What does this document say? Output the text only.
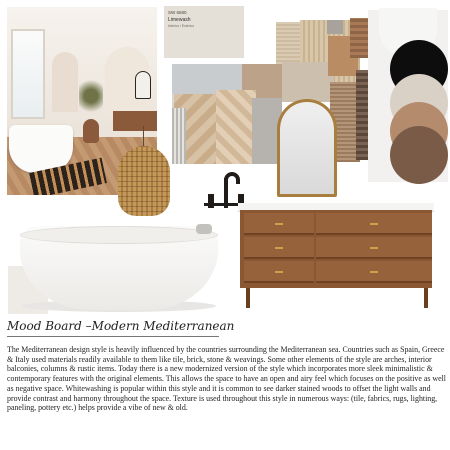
SW 6580
Limewash
Interior / Exterior
Mood Board –Modern Mediterranean

The Mediterranean design style is heavily influenced by the countries surrounding the Mediterranean sea. Countries such as Spain, Greece & Italy used materials readily available to them like tile, brick, stone & weavings. Some other elements of the style are arches, interior balconies, columns & rustic items. Today there is a new modernized version of the style which incorporates more sleek minimalistic & contemporary features with the original elements. This allows the space to have an open and airy feel which focuses on the positive as well as negative space. Whitewashing is popular within this style and it is common to see darker stained woods to offset the light walls and provide contrast and harmony throughout the space. Texture is used throughout this style in numerous ways: (tile, fabrics, rugs, lighting, paneling, pottery etc.) helps provide a vibe of new & old.
